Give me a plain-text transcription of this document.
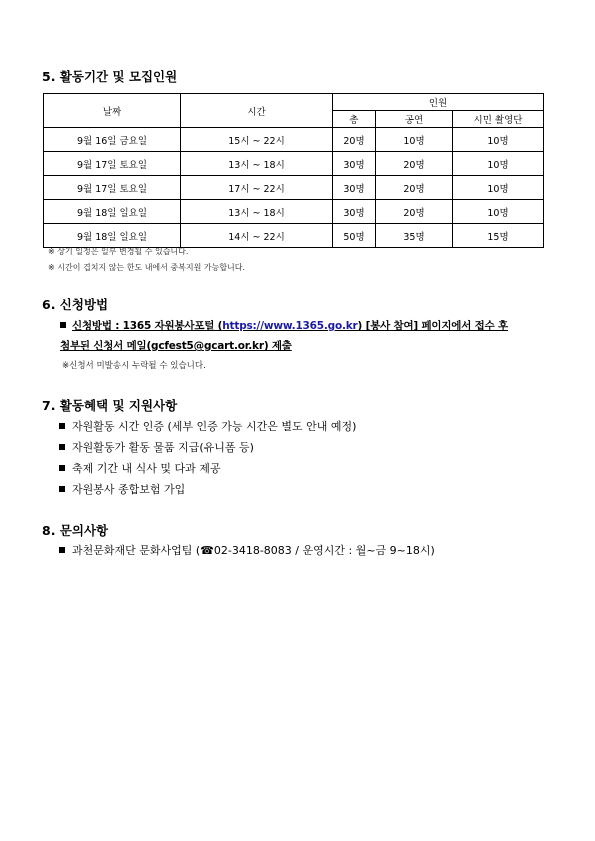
5. 활동기간 및 모집인원
날짜	시간	인원		
		총	공연	시민 촬영단
9월 16일 금요일	15시 ~ 22시	20명	10명	10명
9월 17일 토요일	13시 ~ 18시	30명	20명	10명
9월 17일 토요일	17시 ~ 22시	30명	20명	10명
9월 18일 일요일	13시 ~ 18시	30명	20명	10명
9월 18일 일요일	14시 ~ 22시	50명	35명	15명
※ 상기 일정은 일부 변경될 수 있습니다.
※ 시간이 겹치지 않는 한도 내에서 중복지원 가능합니다.
6. 신청방법
신청방법 : 1365 자원봉사포털 (https://www.1365.go.kr) [봉사 참여] 페이지에서 접수 후
첨부된 신청서 메일(gcfest5@gcart.or.kr) 제출
※신청서 미발송시 누락될 수 있습니다.
7. 활동혜택 및 지원사항
자원활동 시간 인증 (세부 인증 가능 시간은 별도 안내 예정)
자원활동가 활동 물품 지급(유니폼 등)
축제 기간 내 식사 및 다과 제공
자원봉사 종합보험 가입
8. 문의사항
과천문화재단 문화사업팀 (☎02-3418-8083 / 운영시간 : 월~금 9~18시)
